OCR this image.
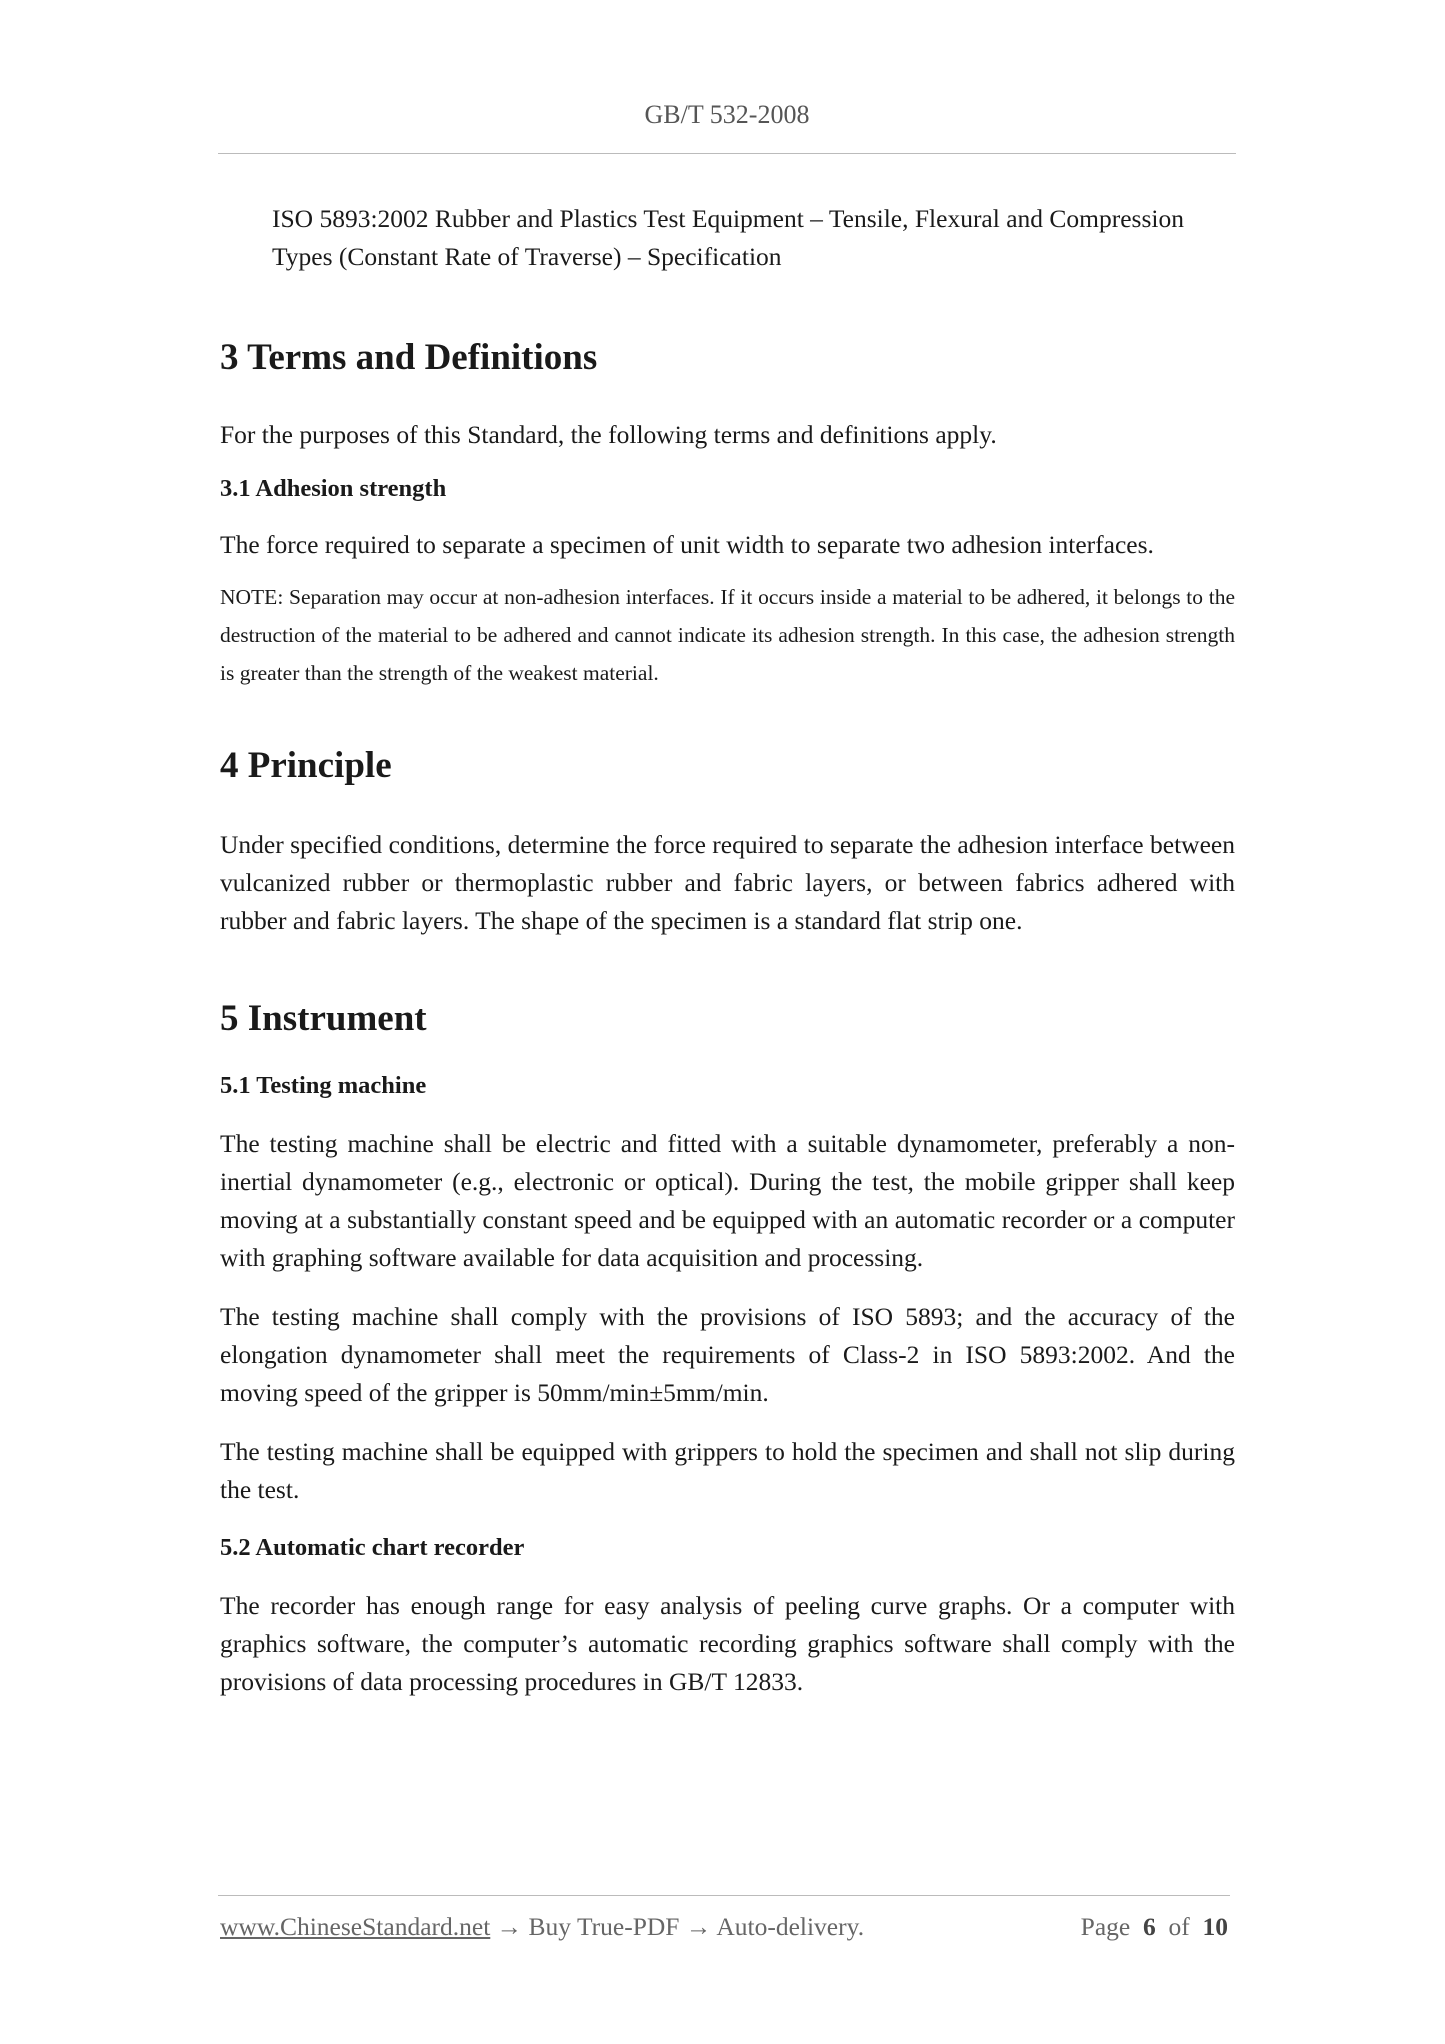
GB/T 532-2008

ISO 5893:2002 Rubber and Plastics Test Equipment – Tensile, Flexural and Compression Types (Constant Rate of Traverse) – Specification

3 Terms and Definitions

For the purposes of this Standard, the following terms and definitions apply.

3.1 Adhesion strength

The force required to separate a specimen of unit width to separate two adhesion interfaces.

NOTE: Separation may occur at non-adhesion interfaces. If it occurs inside a material to be adhered, it belongs to the destruction of the material to be adhered and cannot indicate its adhesion strength. In this case, the adhesion strength is greater than the strength of the weakest material.

4 Principle

Under specified conditions, determine the force required to separate the adhesion interface between vulcanized rubber or thermoplastic rubber and fabric layers, or between fabrics adhered with rubber and fabric layers. The shape of the specimen is a standard flat strip one.

5 Instrument

5.1 Testing machine

The testing machine shall be electric and fitted with a suitable dynamometer, preferably a non-inertial dynamometer (e.g., electronic or optical). During the test, the mobile gripper shall keep moving at a substantially constant speed and be equipped with an automatic recorder or a computer with graphing software available for data acquisition and processing.

The testing machine shall comply with the provisions of ISO 5893; and the accuracy of the elongation dynamometer shall meet the requirements of Class-2 in ISO 5893:2002. And the moving speed of the gripper is 50mm/min±5mm/min.

The testing machine shall be equipped with grippers to hold the specimen and shall not slip during the test.

5.2 Automatic chart recorder

The recorder has enough range for easy analysis of peeling curve graphs. Or a computer with graphics software, the computer’s automatic recording graphics software shall comply with the provisions of data processing procedures in GB/T 12833.

www.ChineseStandard.net → Buy True-PDF → Auto-delivery.	Page 6 of 10
